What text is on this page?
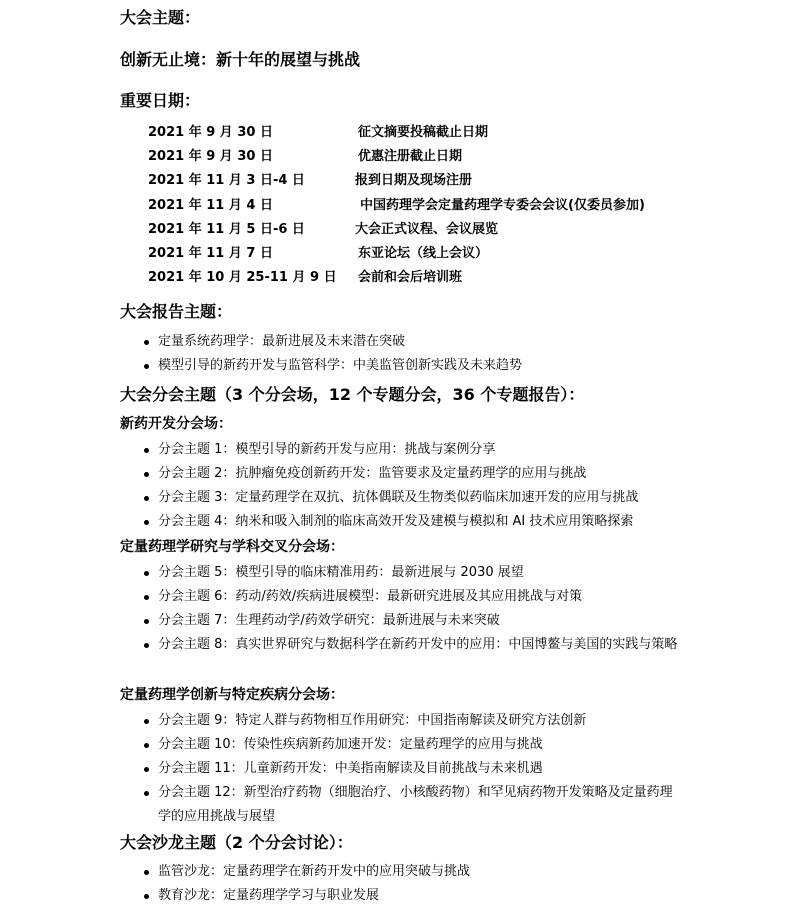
大会主题：
创新无止境：新十年的展望与挑战
重要日期：
2021 年 9 月 30 日	征文摘要投稿截止日期
2021 年 9 月 30 日	优惠注册截止日期
2021 年 11 月 3 日-4 日	报到日期及现场注册
2021 年 11 月 4 日	中国药理学会定量药理学专委会会议(仅委员参加)
2021 年 11 月 5 日-6 日	大会正式议程、会议展览
2021 年 11 月 7 日	东亚论坛（线上会议）
2021 年 10 月 25-11 月 9 日 会前和会后培训班
大会报告主题：
定量系统药理学：最新进展及未来潜在突破
模型引导的新药开发与监管科学：中美监管创新实践及未来趋势
大会分会主题（3 个分会场，12 个专题分会，36 个专题报告）：
新药开发分会场：
分会主题 1：模型引导的新药开发与应用：挑战与案例分享
分会主题 2：抗肿瘤免疫创新药开发：监管要求及定量药理学的应用与挑战
分会主题 3：定量药理学在双抗、抗体偶联及生物类似药临床加速开发的应用与挑战
分会主题 4：纳米和吸入制剂的临床高效开发及建模与模拟和 AI 技术应用策略探索
定量药理学研究与学科交叉分会场：
分会主题 5：模型引导的临床精准用药：最新进展与 2030 展望
分会主题 6：药动/药效/疾病进展模型：最新研究进展及其应用挑战与对策
分会主题 7：生理药动学/药效学研究：最新进展与未来突破
分会主题 8：真实世界研究与数据科学在新药开发中的应用：中国博鳌与美国的实践与策略
定量药理学创新与特定疾病分会场：
分会主题 9：特定人群与药物相互作用研究：中国指南解读及研究方法创新
分会主题 10：传染性疾病新药加速开发：定量药理学的应用与挑战
分会主题 11：儿童新药开发：中美指南解读及目前挑战与未来机遇
分会主题 12：新型治疗药物（细胞治疗、小核酸药物）和罕见病药物开发策略及定量药理学的应用挑战与展望
大会沙龙主题（2 个分会讨论）：
监管沙龙：定量药理学在新药开发中的应用突破与挑战
教育沙龙：定量药理学学习与职业发展
